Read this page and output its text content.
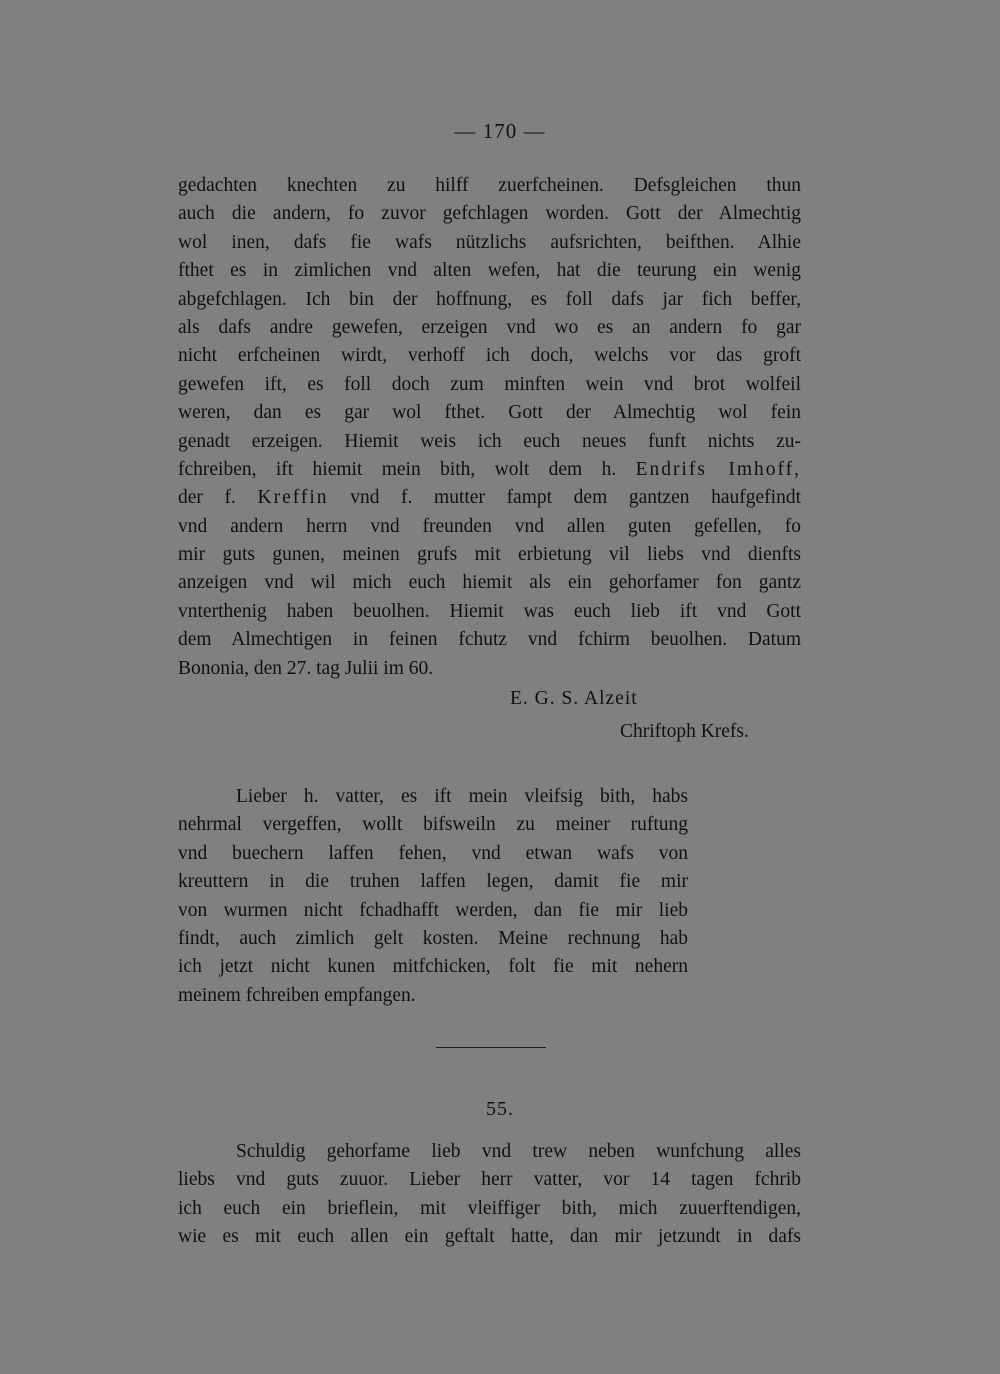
— 170 —
gedachten knechten zu hilff zuerfcheinen. Defsgleichen thun
auch die andern, fo zuvor gefchlagen worden. Gott der Almechtig
wol inen, dafs fie wafs nützlichs aufsrichten, beifthen. Alhie
fthet es in zimlichen vnd alten wefen, hat die teurung ein wenig
abgefchlagen. Ich bin der hoffnung, es foll dafs jar fich beffer,
als dafs andre gewefen, erzeigen vnd wo es an andern fo gar
nicht erfcheinen wirdt, verhoff ich doch, welchs vor das groft
gewefen ift, es foll doch zum minften wein vnd brot wolfeil
weren, dan es gar wol fthet. Gott der Almechtig wol fein
genadt erzeigen. Hiemit weis ich euch neues funft nichts zu-
fchreiben, ift hiemit mein bith, wolt dem h. Endrifs Imhoff,
der f. Kreffin vnd f. mutter fampt dem gantzen haufgefindt
vnd andern herrn vnd freunden vnd allen guten gefellen, fo
mir guts gunen, meinen grufs mit erbietung vil liebs vnd dienfts
anzeigen vnd wil mich euch hiemit als ein gehorfamer fon gantz
vnterthenig haben beuolhen. Hiemit was euch lieb ift vnd Gott
dem Almechtigen in feinen fchutz vnd fchirm beuolhen. Datum
Bononia, den 27. tag Julii im 60.
E. G. S. Alzeit
Chriftoph Krefs.
Lieber h. vatter, es ift mein vleifsig bith, habs
nehrmal vergeffen, wollt bifsweiln zu meiner ruftung
vnd buechern laffen fehen, vnd etwan wafs von
kreuttern in die truhen laffen legen, damit fie mir
von wurmen nicht fchadhafft werden, dan fie mir lieb
findt, auch zimlich gelt kosten. Meine rechnung hab
ich jetzt nicht kunen mitfchicken, folt fie mit nehern
meinem fchreiben empfangen.
55.
Schuldig gehorfame lieb vnd trew neben wunfchung alles
liebs vnd guts zuuor. Lieber herr vatter, vor 14 tagen fchrib
ich euch ein brieflein, mit vleiffiger bith, mich zuuerftendigen,
wie es mit euch allen ein geftalt hatte, dan mir jetzundt in dafs
